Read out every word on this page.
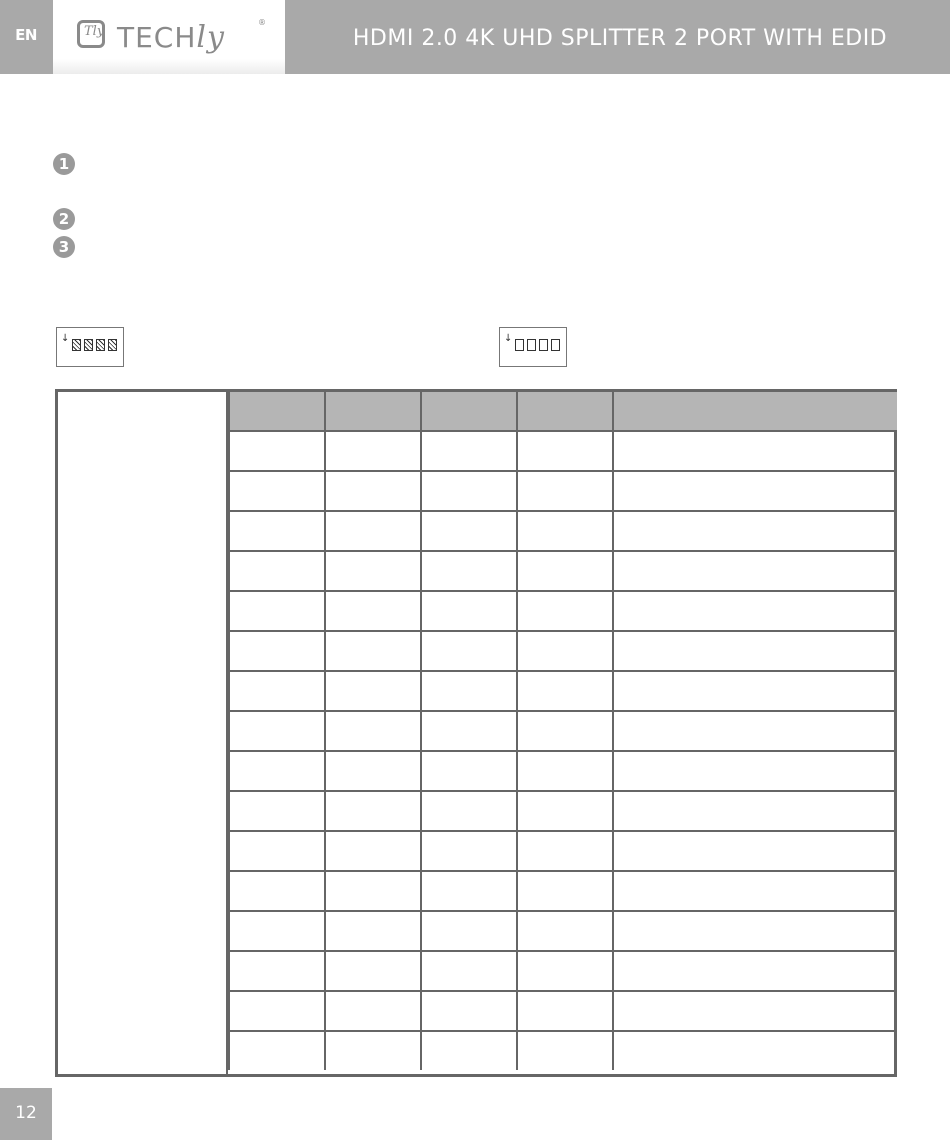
EN	Tly TECHly	®
HDMI 2.0 4K UHD SPLITTER 2 PORT WITH EDID
1
2
3
↓	↓

12
